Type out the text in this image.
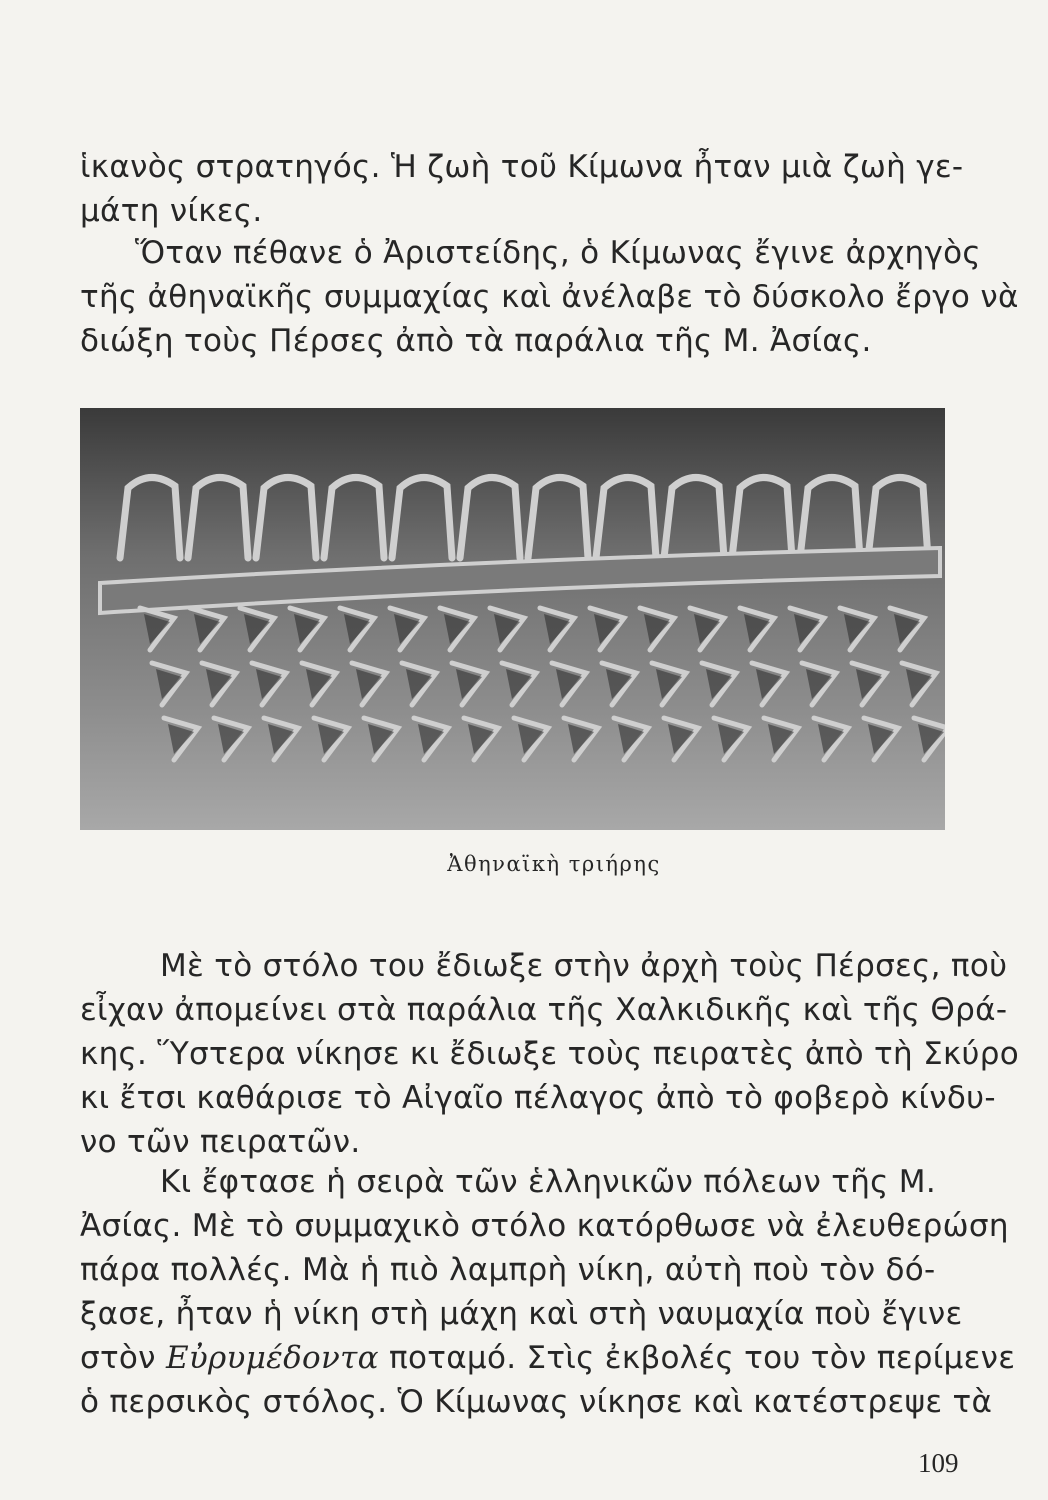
ἱκανὸς στρατηγός. Ἡ ζωὴ τοῦ Κίμωνα ἦταν μιὰ ζωὴ γε-
μάτη νίκες.

Ὅταν πέθανε ὁ Ἀριστείδης, ὁ Κίμωνας ἔγινε ἀρχηγὸς
τῆς ἀθηναϊκῆς συμμαχίας καὶ ἀνέλαβε τὸ δύσκολο ἔργο νὰ
διώξη τοὺς Πέρσες ἀπὸ τὰ παράλια τῆς Μ. Ἀσίας.

Ἀθηναϊκὴ τριήρης

Μὲ τὸ στόλο του ἔδιωξε στὴν ἀρχὴ τοὺς Πέρσες, ποὺ
εἶχαν ἀπομείνει στὰ παράλια τῆς Χαλκιδικῆς καὶ τῆς Θρά-
κης. Ὕστερα νίκησε κι ἔδιωξε τοὺς πειρατὲς ἀπὸ τὴ Σκύρο
κι ἔτσι καθάρισε τὸ Αἰγαῖο πέλαγος ἀπὸ τὸ φοβερὸ κίνδυ-
νο τῶν πειρατῶν.

Κι ἔφτασε ἡ σειρὰ τῶν ἑλληνικῶν πόλεων τῆς Μ.
Ἀσίας. Μὲ τὸ συμμαχικὸ στόλο κατόρθωσε νὰ ἐλευθερώση
πάρα πολλές. Μὰ ἡ πιὸ λαμπρὴ νίκη, αὐτὴ ποὺ τὸν δό-
ξασε, ἦταν ἡ νίκη στὴ μάχη καὶ στὴ ναυμαχία ποὺ ἔγινε
στὸν Εὐρυμέδοντα ποταμό. Στὶς ἐκβολές του τὸν περίμενε
ὁ περσικὸς στόλος. Ὁ Κίμωνας νίκησε καὶ κατέστρεψε τὰ

109
